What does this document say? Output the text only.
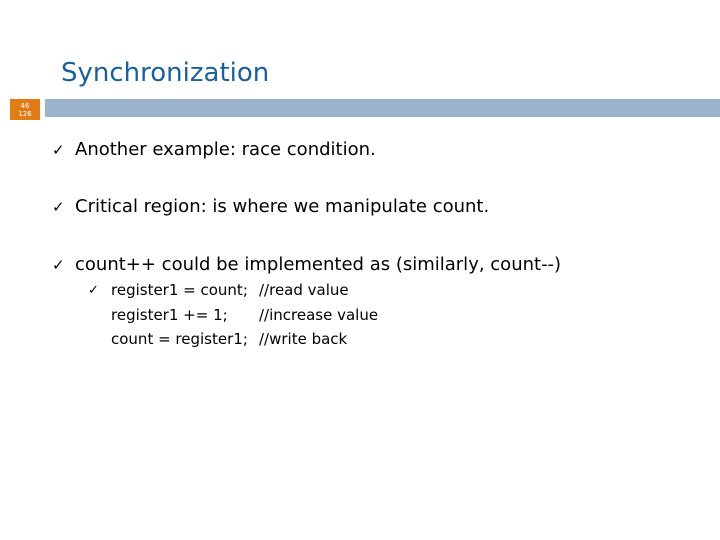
Synchronization
46
126
✓ Another example: race condition.
✓ Critical region: is where we manipulate count.
✓ count++ could be implemented as (similarly, count--)
✓ register1 = count; //read value
register1 += 1; //increase value
count = register1; //write back
